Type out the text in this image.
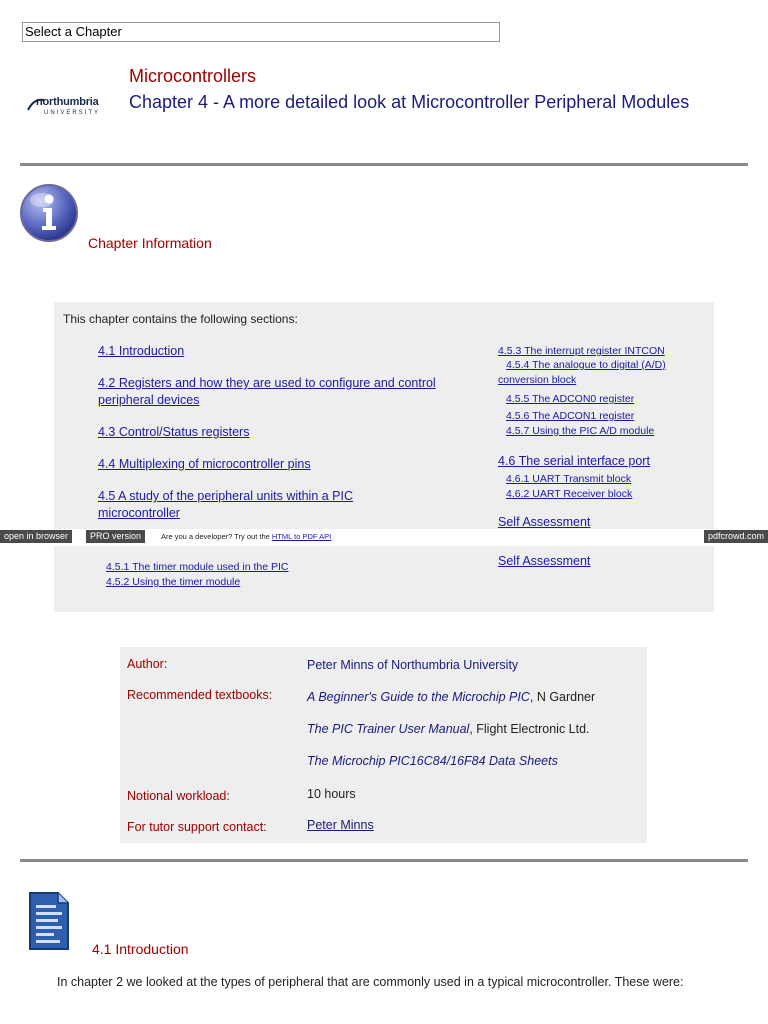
Select a Chapter
northumbria
UNIVERSITY
Microcontrollers
Chapter 4 - A more detailed look at Microcontroller Peripheral Modules
Chapter Information
This chapter contains the following sections:
4.1 Introduction
4.2 Registers and how they are used to configure and control peripheral devices
4.3 Control/Status registers
4.4 Multiplexing of microcontroller pins
4.5 A study of the peripheral units within a PIC microcontroller
4.5.1 The timer module used in the PIC
4.5.2 Using the timer module
4.5.3 The interrupt register INTCON
4.5.4 The analogue to digital (A/D) conversion block
4.5.5 The ADCON0 register
4.5.6 The ADCON1 register
4.5.7 Using the PIC A/D module
4.6 The serial interface port
4.6.1 UART Transmit block
4.6.2 UART Receiver block
Self Assessment
Self Assessment
open in browser	PRO version	Are you a developer? Try out the HTML to PDF API	pdfcrowd.com
Author:	Peter Minns of Northumbria University
Recommended textbooks:	A Beginner's Guide to the Microchip PIC, N Gardner
The PIC Trainer User Manual, Flight Electronic Ltd.
The Microchip PIC16C84/16F84 Data Sheets
Notional workload:	10 hours
For tutor support contact:	Peter Minns
4.1 Introduction
In chapter 2 we looked at the types of peripheral that are commonly used in a typical microcontroller. These were:
